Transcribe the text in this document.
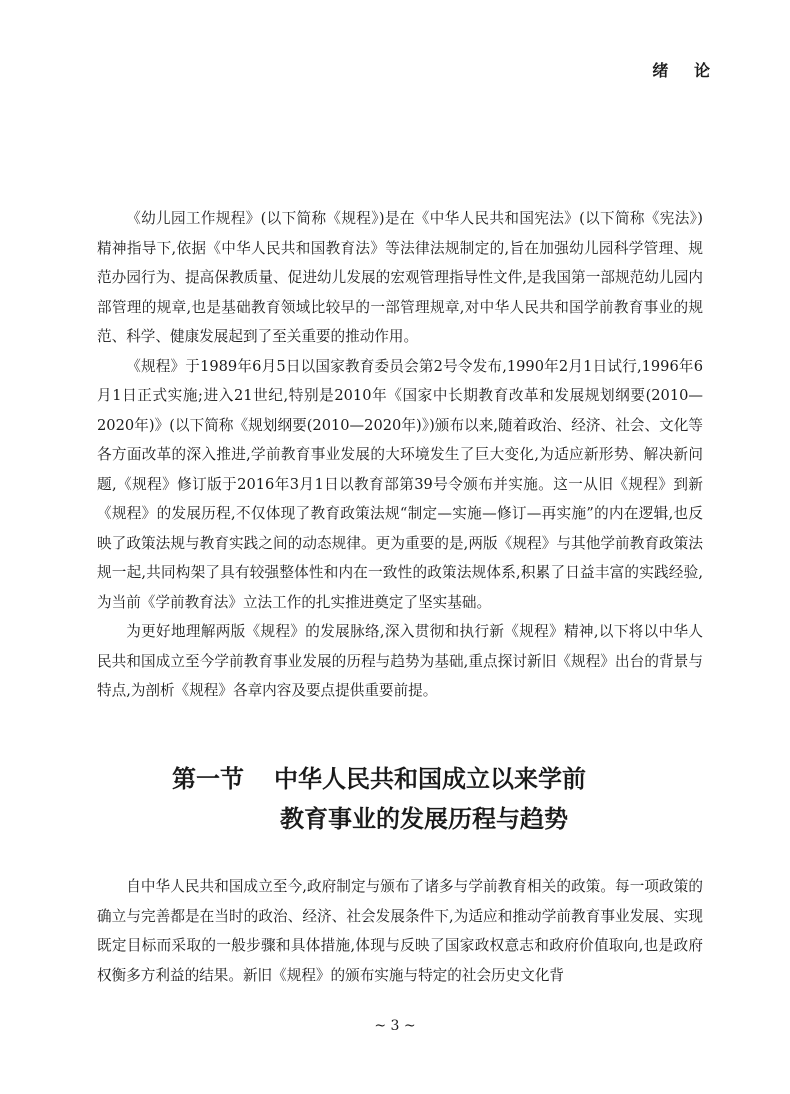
绪 论

《幼儿园工作规程》(以下简称《规程》)是在《中华人民共和国宪法》(以下简称《宪法》)精神指导下,依据《中华人民共和国教育法》等法律法规制定的,旨在加强幼儿园科学管理、规范办园行为、提高保教质量、促进幼儿发展的宏观管理指导性文件,是我国第一部规范幼儿园内部管理的规章,也是基础教育领域比较早的一部管理规章,对中华人民共和国学前教育事业的规范、科学、健康发展起到了至关重要的推动作用。

《规程》于1989年6月5日以国家教育委员会第2号令发布,1990年2月1日试行,1996年6月1日正式实施;进入21世纪,特别是2010年《国家中长期教育改革和发展规划纲要(2010—2020年)》(以下简称《规划纲要(2010—2020年)》)颁布以来,随着政治、经济、社会、文化等各方面改革的深入推进,学前教育事业发展的大环境发生了巨大变化,为适应新形势、解决新问题,《规程》修订版于2016年3月1日以教育部第39号令颁布并实施。这一从旧《规程》到新《规程》的发展历程,不仅体现了教育政策法规“制定—实施—修订—再实施”的内在逻辑,也反映了政策法规与教育实践之间的动态规律。更为重要的是,两版《规程》与其他学前教育政策法规一起,共同构架了具有较强整体性和内在一致性的政策法规体系,积累了日益丰富的实践经验,为当前《学前教育法》立法工作的扎实推进奠定了坚实基础。

为更好地理解两版《规程》的发展脉络,深入贯彻和执行新《规程》精神,以下将以中华人民共和国成立至今学前教育事业发展的历程与趋势为基础,重点探讨新旧《规程》出台的背景与特点,为剖析《规程》各章内容及要点提供重要前提。

第一节 中华人民共和国成立以来学前
教育事业的发展历程与趋势

自中华人民共和国成立至今,政府制定与颁布了诸多与学前教育相关的政策。每一项政策的确立与完善都是在当时的政治、经济、社会发展条件下,为适应和推动学前教育事业发展、实现既定目标而采取的一般步骤和具体措施,体现与反映了国家政权意志和政府价值取向,也是政府权衡多方利益的结果。新旧《规程》的颁布实施与特定的社会历史文化背

~ 3 ~
